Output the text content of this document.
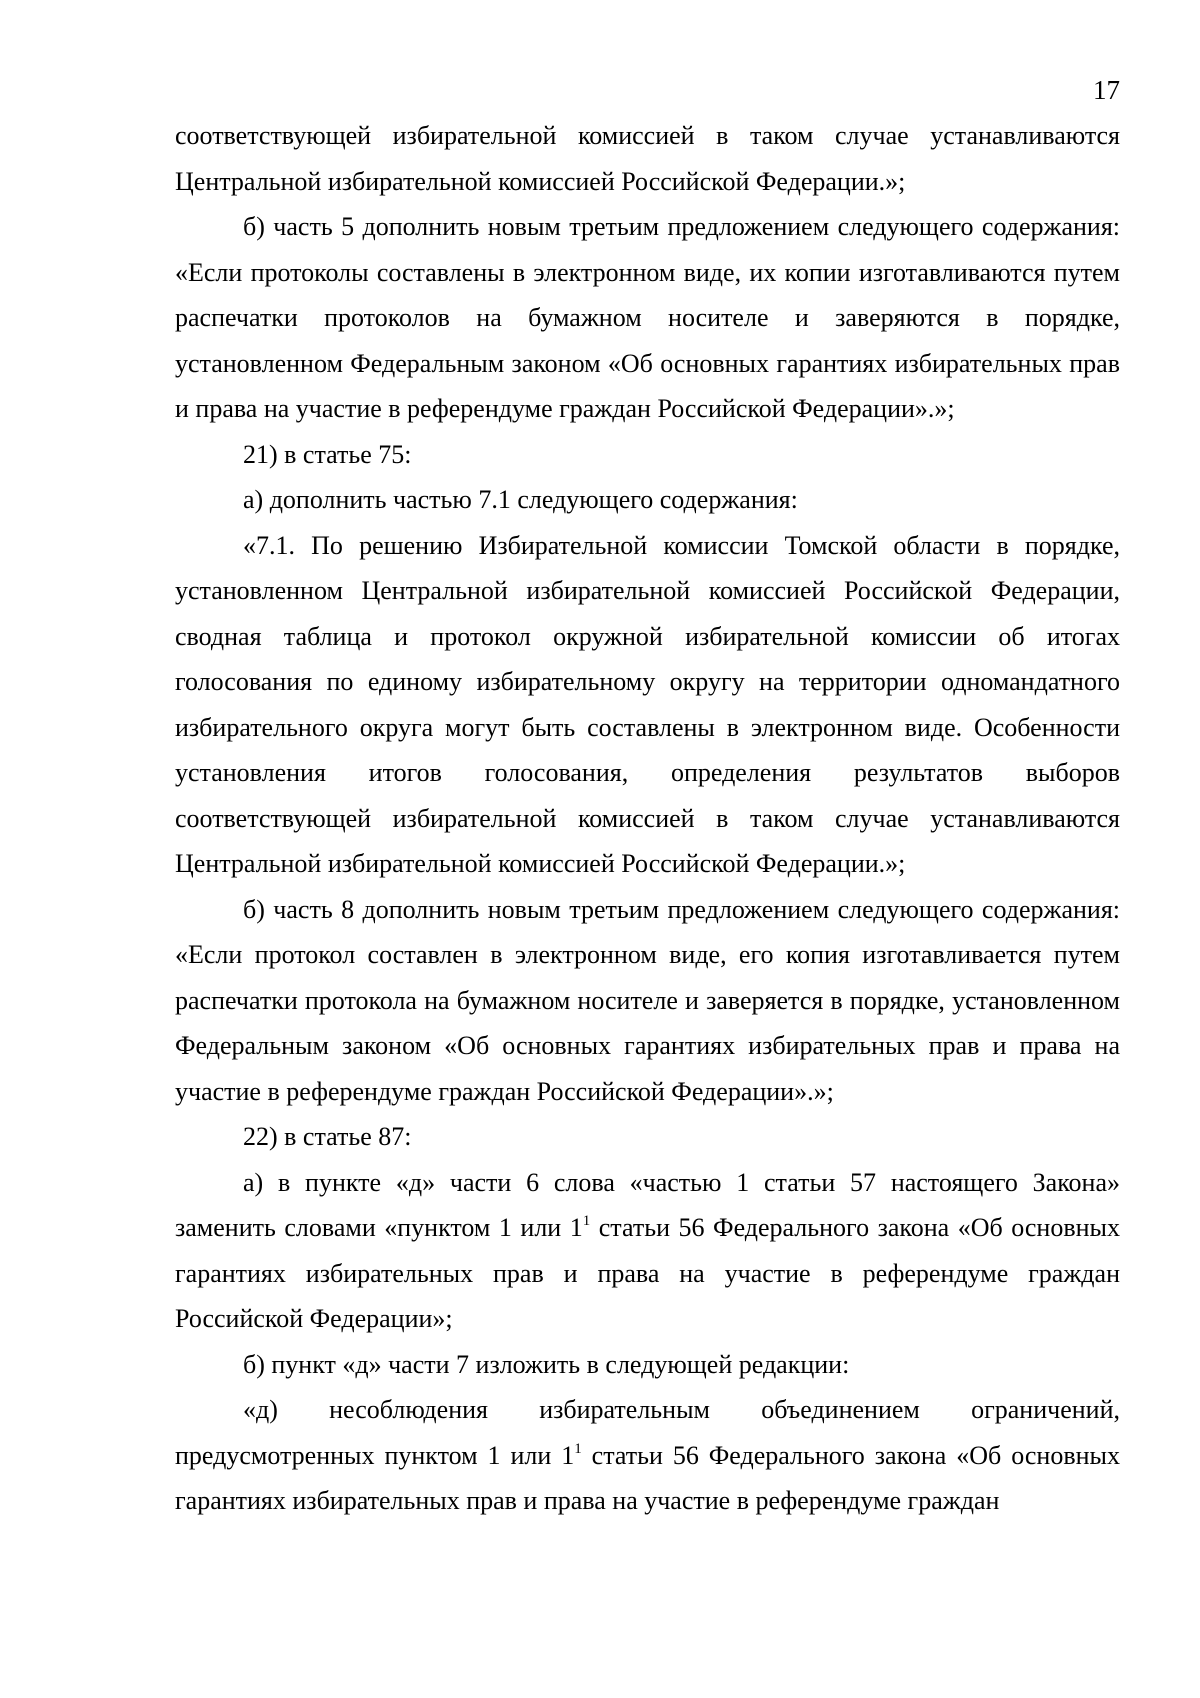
17

соответствующей избирательной комиссией в таком случае устанавливаются Центральной избирательной комиссией Российской Федерации.»;

б) часть 5 дополнить новым третьим предложением следующего содержания: «Если протоколы составлены в электронном виде, их копии изготавливаются путем распечатки протоколов на бумажном носителе и заверяются в порядке, установленном Федеральным законом «Об основных гарантиях избирательных прав и права на участие в референдуме граждан Российской Федерации».»;

21) в статье 75:

а) дополнить частью 7.1 следующего содержания:

«7.1. По решению Избирательной комиссии Томской области в порядке, установленном Центральной избирательной комиссией Российской Федерации, сводная таблица и протокол окружной избирательной комиссии об итогах голосования по единому избирательному округу на территории одномандатного избирательного округа могут быть составлены в электронном виде. Особенности установления итогов голосования, определения результатов выборов соответствующей избирательной комиссией в таком случае устанавливаются Центральной избирательной комиссией Российской Федерации.»;

б) часть 8 дополнить новым третьим предложением следующего содержания: «Если протокол составлен в электронном виде, его копия изготавливается путем распечатки протокола на бумажном носителе и заверяется в порядке, установленном Федеральным законом «Об основных гарантиях избирательных прав и права на участие в референдуме граждан Российской Федерации».»;

22) в статье 87:

а) в пункте «д» части 6 слова «частью 1 статьи 57 настоящего Закона» заменить словами «пунктом 1 или $1^1$ статьи 56 Федерального закона «Об основных гарантиях избирательных прав и права на участие в референдуме граждан Российской Федерации»;

б) пункт «д» части 7 изложить в следующей редакции:

«д) несоблюдения избирательным объединением ограничений, предусмотренных пунктом 1 или $1^1$ статьи 56 Федерального закона «Об основных гарантиях избирательных прав и права на участие в референдуме граждан
